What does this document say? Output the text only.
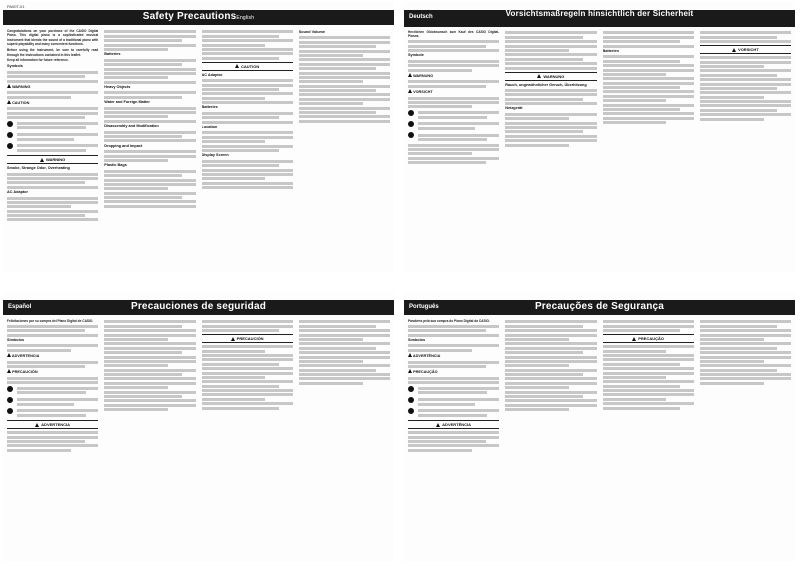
PA00T-01
Safety PrecautionsEnglish

Congratulations on your purchase of the CASIO Digital Piano. This digital piano is a sophisticated musical instrument that blends the sound of a traditional piano with superb playability and many convenient functions.

Before using the instrument, be sure to carefully read through the instructions contained in this leaflet.

Keep all information for future reference.

Symbols
WARNING
CAUTION
WARNING
Smoke, Strange Odor, Overheating
AC Adaptor
Batteries
Heavy Objects
Water and Foreign Matter
Disassembly and Modification
Dropping and Impact
Plastic Bags
CAUTION
AC Adaptor
Batteries
Location
Display Screen
Sound Volume
Deutsch	Vorsichtsmaßregeln hinsichtlich der Sicherheit

Herzlichen Glückwunsch zum Kauf des CASIO Digital-Pianos.

Symbole
WARNUNG
VORSICHT
WARNUNG
Rauch, ungewöhnlicher Geruch, Überhitzung
Netzgerät
Batterien	VORSICHT
Español	Precauciones de seguridad

Felicitaciones por su compra del Piano Digital de CASIO.

Símbolos
ADVERTENCIA
PRECAUCIÓN
ADVERTENCIA
PRECAUCIÓN
Português	Precauções de Segurança

Parabéns pela sua compra do Piano Digital da CASIO.

Símbolos
ADVERTÊNCIA
PRECAUÇÃO
ADVERTÊNCIA
PRECAUÇÃO
